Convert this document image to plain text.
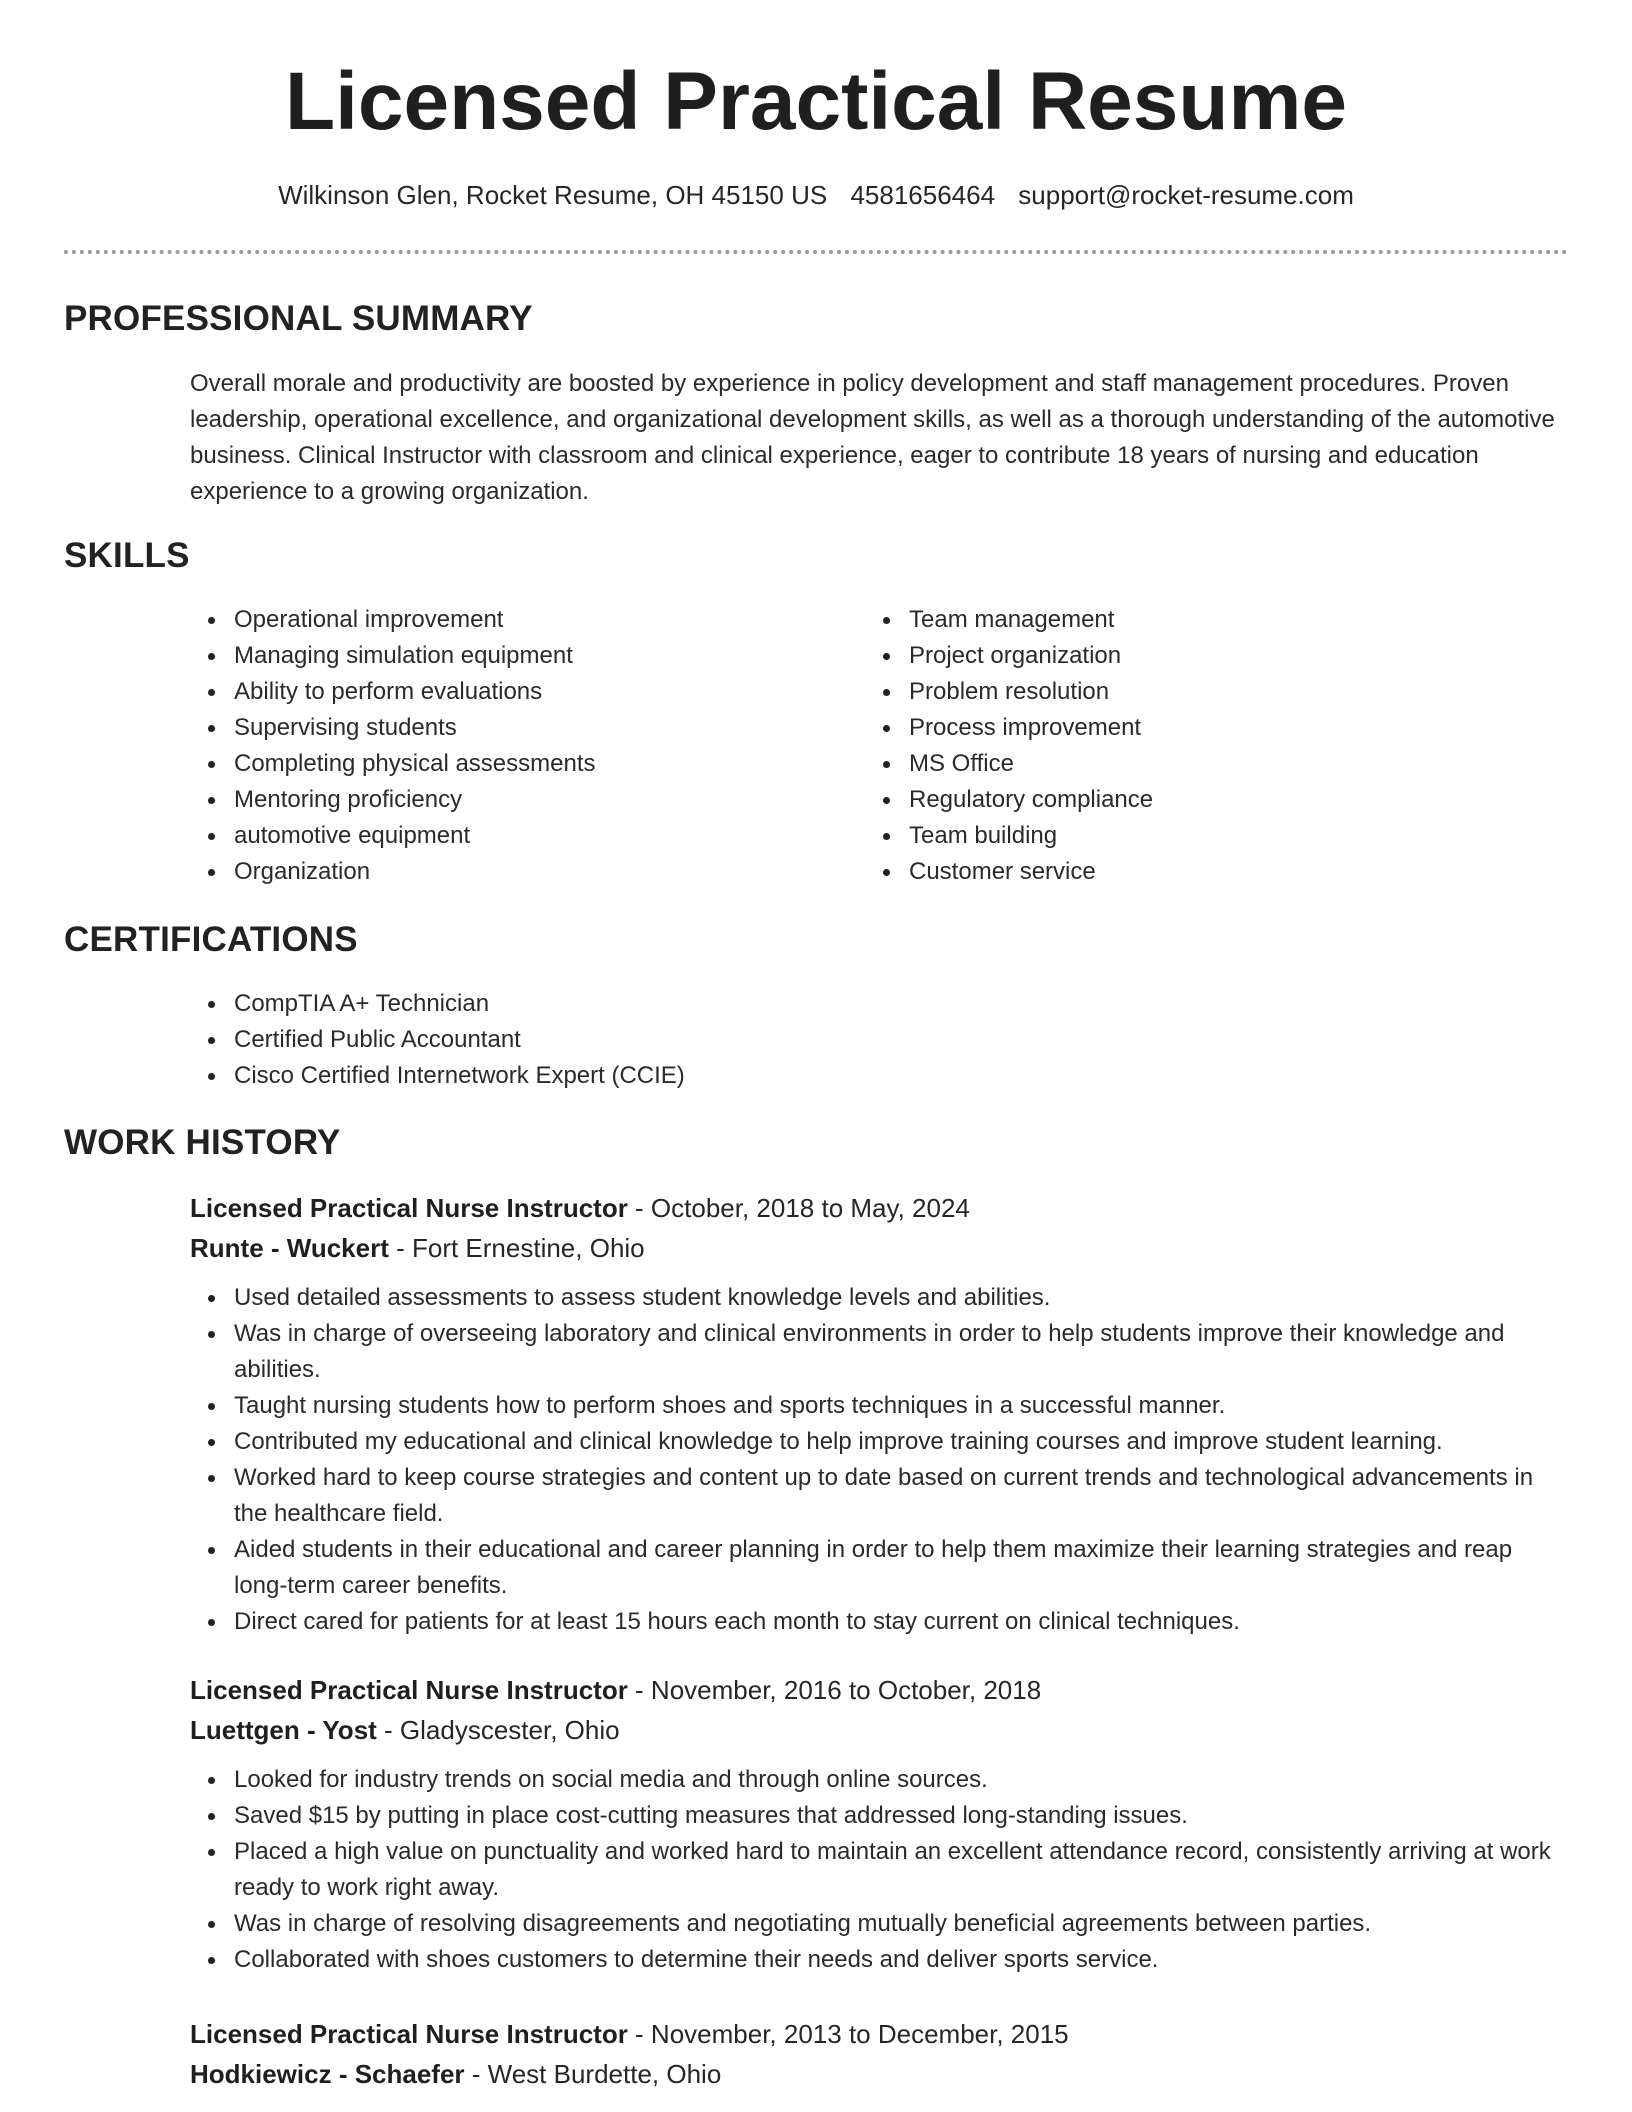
Licensed Practical Resume
Wilkinson Glen, Rocket Resume, OH 45150 US 4581656464 support@rocket-resume.com
PROFESSIONAL SUMMARY
Overall morale and productivity are boosted by experience in policy development and staff management procedures. Proven leadership, operational excellence, and organizational development skills, as well as a thorough understanding of the automotive business. Clinical Instructor with classroom and clinical experience, eager to contribute 18 years of nursing and education experience to a growing organization.
SKILLS
Operational improvement
Managing simulation equipment
Ability to perform evaluations
Supervising students
Completing physical assessments
Mentoring proficiency
automotive equipment
Organization
Team management
Project organization
Problem resolution
Process improvement
MS Office
Regulatory compliance
Team building
Customer service
CERTIFICATIONS
CompTIA A+ Technician
Certified Public Accountant
Cisco Certified Internetwork Expert (CCIE)
WORK HISTORY
Licensed Practical Nurse Instructor - October, 2018 to May, 2024
Runte - Wuckert - Fort Ernestine, Ohio
Used detailed assessments to assess student knowledge levels and abilities.
Was in charge of overseeing laboratory and clinical environments in order to help students improve their knowledge and abilities.
Taught nursing students how to perform shoes and sports techniques in a successful manner.
Contributed my educational and clinical knowledge to help improve training courses and improve student learning.
Worked hard to keep course strategies and content up to date based on current trends and technological advancements in the healthcare field.
Aided students in their educational and career planning in order to help them maximize their learning strategies and reap long-term career benefits.
Direct cared for patients for at least 15 hours each month to stay current on clinical techniques.
Licensed Practical Nurse Instructor - November, 2016 to October, 2018
Luettgen - Yost - Gladyscester, Ohio
Looked for industry trends on social media and through online sources.
Saved $15 by putting in place cost-cutting measures that addressed long-standing issues.
Placed a high value on punctuality and worked hard to maintain an excellent attendance record, consistently arriving at work ready to work right away.
Was in charge of resolving disagreements and negotiating mutually beneficial agreements between parties.
Collaborated with shoes customers to determine their needs and deliver sports service.
Licensed Practical Nurse Instructor - November, 2013 to December, 2015
Hodkiewicz - Schaefer - West Burdette, Ohio
